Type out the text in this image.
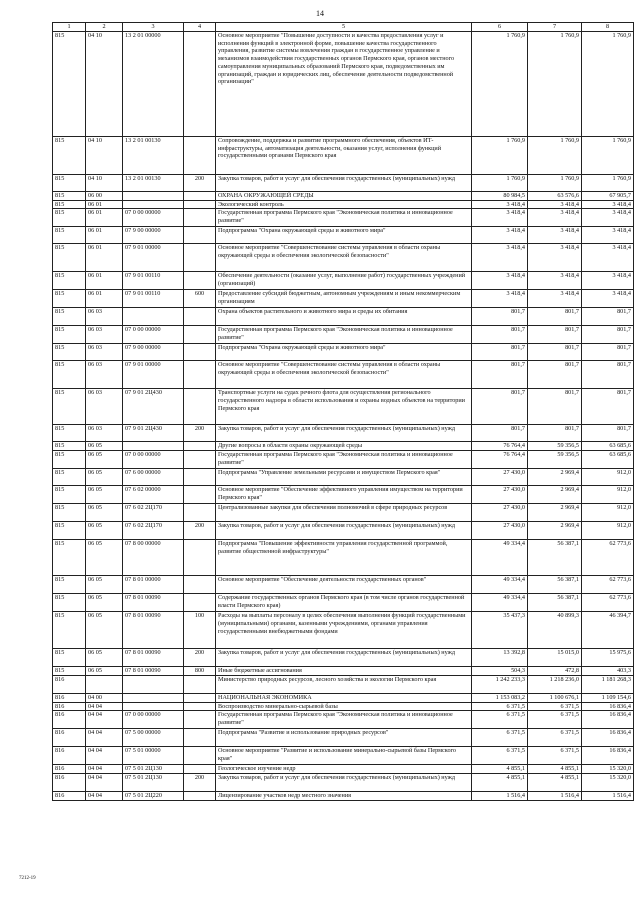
14
1	2	3	4	5	6	7	8
815	04 10	13 2 01 00000		Основное мероприятие "Повышение доступности и качества предоставления услуг и исполнения функций в электронной форме, повышение качества государственного управления, развитие системы вовлечения граждан в государственное управление и механизмов взаимодействия государственных органов Пермского края, органов местного самоуправления муниципальных образований Пермского края, подведомственных им организаций, граждан и юридических лиц, обеспечение деятельности подведомственной организации"	1 760,9	1 760,9	1 760,9
815	04 10	13 2 01 00130		Сопровождение, поддержка и развитие программного обеспечения, объектов ИТ-инфраструктуры, автоматизация деятельности, оказания услуг, исполнения функций государственными органами Пермского края	1 760,9	1 760,9	1 760,9
815	04 10	13 2 01 00130	200	Закупка товаров, работ и услуг для обеспечения государственных (муниципальных) нужд	1 760,9	1 760,9	1 760,9
815	06 00			ОХРАНА ОКРУЖАЮЩЕЙ СРЕДЫ	80 984,5	63 576,6	67 905,7
815	06 01			Экологический контроль	3 418,4	3 418,4	3 418,4
815	06 01	07 0 00 00000		Государственная программа Пермского края "Экономическая политика и инновационное развитие"	3 418,4	3 418,4	3 418,4
815	06 01	07 9 00 00000		Подпрограмма "Охрана окружающей среды и животного мира"	3 418,4	3 418,4	3 418,4
815	06 01	07 9 01 00000		Основное мероприятие "Совершенствование системы управления в области охраны окружающей среды и обеспечения экологической безопасности"	3 418,4	3 418,4	3 418,4
815	06 01	07 9 01 00110		Обеспечение деятельности (оказание услуг, выполнение работ) государственных учреждений (организаций)	3 418,4	3 418,4	3 418,4
815	06 01	07 9 01 00110	600	Предоставление субсидий бюджетным, автономным учреждениям и иным некоммерческим организациям	3 418,4	3 418,4	3 418,4
815	06 03			Охрана объектов растительного и животного мира и среды их обитания	801,7	801,7	801,7
815	06 03	07 0 00 00000		Государственная программа Пермского края "Экономическая политика и инновационное развитие"	801,7	801,7	801,7
815	06 03	07 9 00 00000		Подпрограмма "Охрана окружающей среды и животного мира"	801,7	801,7	801,7
815	06 03	07 9 01 00000		Основное мероприятие "Совершенствование системы управления в области охраны окружающей среды и обеспечения экологической безопасности"	801,7	801,7	801,7
815	06 03	07 9 01 2Ц430		Транспортные услуги на судах речного флота для осуществления регионального государственного надзора в области использования и охраны водных объектов на территории Пермского края	801,7	801,7	801,7
815	06 03	07 9 01 2Ц430	200	Закупка товаров, работ и услуг для обеспечения государственных (муниципальных) нужд	801,7	801,7	801,7
815	06 05			Другие вопросы в области охраны окружающей среды	76 764,4	59 356,5	63 685,6
815	06 05	07 0 00 00000		Государственная программа Пермского края "Экономическая политика и инновационное развитие"	76 764,4	59 356,5	63 685,6
815	06 05	07 6 00 00000		Подпрограмма "Управление земельными ресурсами и имуществом Пермского края"	27 430,0	2 969,4	912,0
815	06 05	07 6 02 00000		Основное мероприятие "Обеспечение эффективного управления имуществом на территории Пермского края"	27 430,0	2 969,4	912,0
815	06 05	07 6 02 2Ц170		Централизованные закупки для обеспечения полномочий в сфере природных ресурсов	27 430,0	2 969,4	912,0
815	06 05	07 6 02 2Ц170	200	Закупка товаров, работ и услуг для обеспечения государственных (муниципальных) нужд	27 430,0	2 969,4	912,0
815	06 05	07 8 00 00000		Подпрограмма "Повышение эффективности управления государственной программой, развитие общественной инфраструктуры"	49 334,4	56 387,1	62 773,6
815	06 05	07 8 01 00000		Основное мероприятие "Обеспечение деятельности государственных органов"	49 334,4	56 387,1	62 773,6
815	06 05	07 8 01 00090		Содержание государственных органов Пермского края (в том числе органов государственной власти Пермского края)	49 334,4	56 387,1	62 773,6
815	06 05	07 8 01 00090	100	Расходы на выплаты персоналу в целях обеспечения выполнения функций государственными (муниципальными) органами, казенными учреждениями, органами управления государственными внебюджетными фондами	35 437,3	40 899,3	46 394,7
815	06 05	07 8 01 00090	200	Закупка товаров, работ и услуг для обеспечения государственных (муниципальных) нужд	13 392,8	15 015,0	15 975,6
815	06 05	07 8 01 00090	800	Иные бюджетные ассигнования	504,3	472,8	403,3
816				Министерство природных ресурсов, лесного хозяйства и экологии Пермского края	1 242 233,3	1 218 236,0	1 181 268,3
816	04 00			НАЦИОНАЛЬНАЯ ЭКОНОМИКА	1 153 083,2	1 100 676,1	1 109 154,6
816	04 04			Воспроизводство минерально-сырьевой базы	6 371,5	6 371,5	16 836,4
816	04 04	07 0 00 00000		Государственная программа Пермского края "Экономическая политика и инновационное развитие"	6 371,5	6 371,5	16 836,4
816	04 04	07 5 00 00000		Подпрограмма "Развитие и использование природных ресурсов"	6 371,5	6 371,5	16 836,4
816	04 04	07 5 01 00000		Основное мероприятие "Развитие и использование минерально-сырьевой базы Пермского края"	6 371,5	6 371,5	16 836,4
816	04 04	07 5 01 2Ц130		Геологическое изучение недр	4 855,1	4 855,1	15 320,0
816	04 04	07 5 01 2Ц130	200	Закупка товаров, работ и услуг для обеспечения государственных (муниципальных) нужд	4 855,1	4 855,1	15 320,0
816	04 04	07 5 01 2Ц220		Лицензирование участков недр местного значения	1 516,4	1 516,4	1 516,4
7212-19
